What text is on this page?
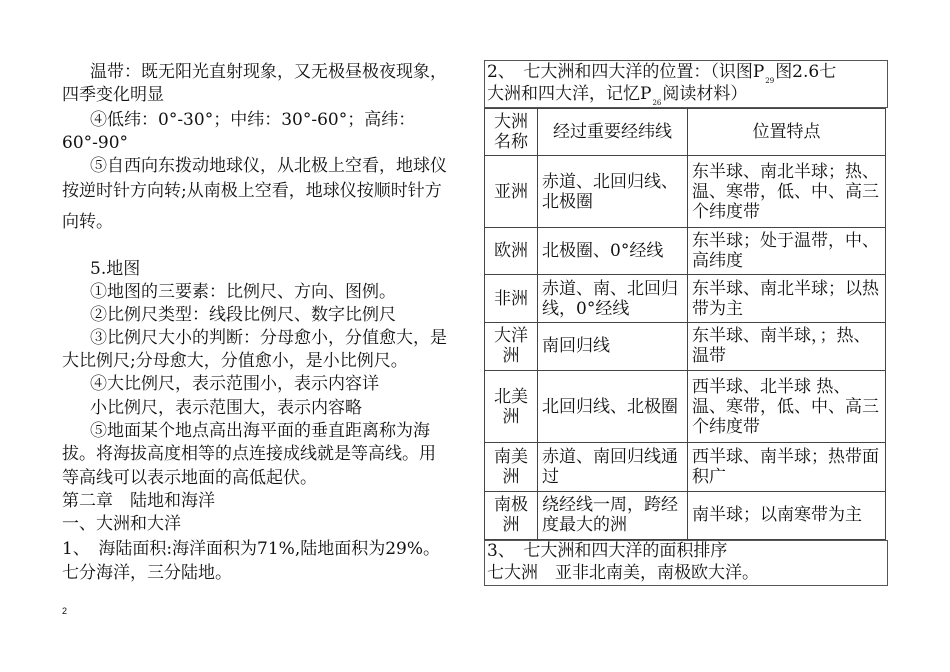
温带：既无阳光直射现象，又无极昼极夜现象，
四季变化明显
④低纬：0°-30°；中纬：30°-60°；高纬：
60°-90°
⑤自西向东拨动地球仪，从北极上空看，地球仪
按逆时针方向转;从南极上空看，地球仪按顺时针方
向转。
5.地图
①地图的三要素：比例尺、方向、图例。
②比例尺类型：线段比例尺、数字比例尺
③比例尺大小的判断：分母愈小，分值愈大，是
大比例尺;分母愈大，分值愈小，是小比例尺。
④大比例尺，表示范围小，表示内容详
小比例尺，表示范围大，表示内容略
⑤地面某个地点高出海平面的垂直距离称为海
拔。将海拔高度相等的点连接成线就是等高线。用
等高线可以表示地面的高低起伏。
第二章　陆地和海洋
一、大洲和大洋
1、　海陆面积:海洋面积为71%,陆地面积为29%。
七分海洋，三分陆地。
2
2、　七大洲和四大洋的位置：（识图$P_{29}$图2.6七
大洲和四大洋，记忆$P_{26}$阅读材料）
大洲名称	经过重要经纬线	位置特点
亚洲	赤道、北回归线、北极圈	东半球、南北半球；热、温、寒带，低、中、高三个纬度带
欧洲	北极圈、0°经线	东半球；处于温带，中、高纬度
非洲	赤道、南、北回归线，0°经线	东半球、南北半球；以热带为主
大洋洲	南回归线	东半球、南半球，；热、温带
北美洲	北回归线、北极圈	西半球、北半球 热、温、寒带，低、中、高三个纬度带
南美洲	赤道、南回归线通过	西半球、南半球；热带面积广
南极洲	绕经线一周，跨经度最大的洲	南半球；以南寒带为主
3、　七大洲和四大洋的面积排序
七大洲　亚非北南美，南极欧大洋。
